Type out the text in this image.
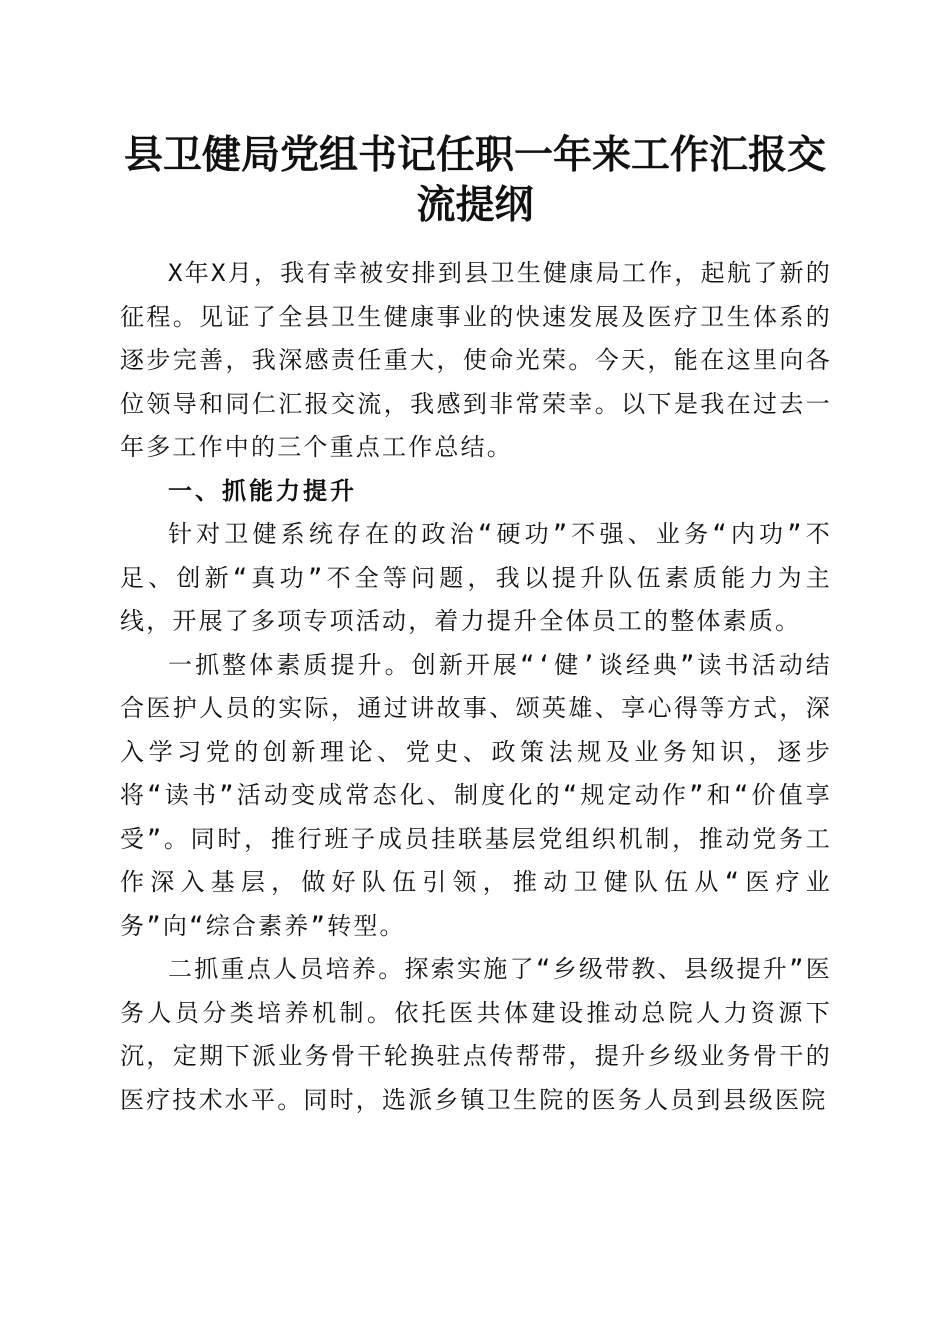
县卫健局党组书记任职一年来工作汇报交流提纲

X年X月，我有幸被安排到县卫生健康局工作，起航了新的征程。见证了全县卫生健康事业的快速发展及医疗卫生体系的逐步完善，我深感责任重大，使命光荣。今天，能在这里向各位领导和同仁汇报交流，我感到非常荣幸。以下是我在过去一年多工作中的三个重点工作总结。

一、抓能力提升

针对卫健系统存在的政治“硬功”不强、业务“内功”不足、创新“真功”不全等问题，我以提升队伍素质能力为主线，开展了多项专项活动，着力提升全体员工的整体素质。

一抓整体素质提升。创新开展“‘健’谈经典”读书活动结合医护人员的实际，通过讲故事、颂英雄、享心得等方式，深入学习党的创新理论、党史、政策法规及业务知识，逐步将“读书”活动变成常态化、制度化的“规定动作”和“价值享受”。同时，推行班子成员挂联基层党组织机制，推动党务工作深入基层，做好队伍引领，推动卫健队伍从“医疗业务”向“综合素养”转型。

二抓重点人员培养。探索实施了“乡级带教、县级提升”医务人员分类培养机制。依托医共体建设推动总院人力资源下沉，定期下派业务骨干轮换驻点传帮带，提升乡级业务骨干的医疗技术水平。同时，选派乡镇卫生院的医务人员到县级医院
